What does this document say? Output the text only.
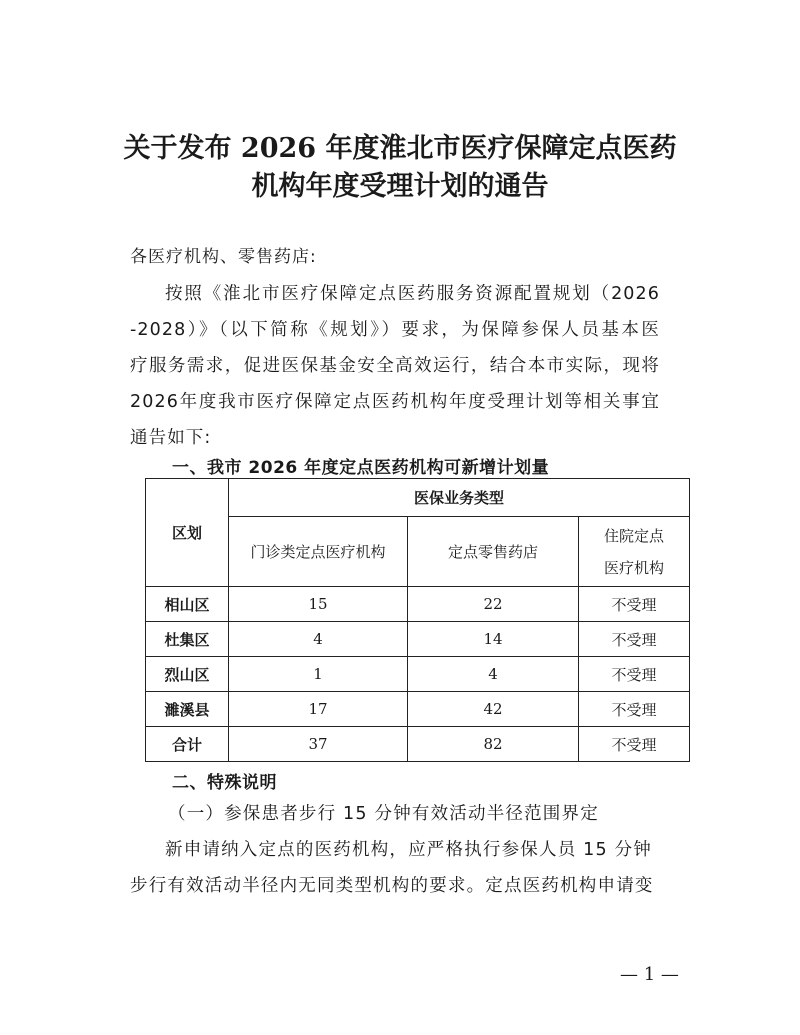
关于发布 2026 年度淮北市医疗保障定点医药
机构年度受理计划的通告
各医疗机构、零售药店:
按照《淮北市医疗保障定点医药服务资源配置规划（2026
-2028）》（以下简称《规划》）要求，为保障参保人员基本医
疗服务需求，促进医保基金安全高效运行，结合本市实际，现将
2026年度我市医疗保障定点医药机构年度受理计划等相关事宜
通告如下:
一、我市 2026 年度定点医药机构可新增计划量
区划	医保业务类型		
	门诊类定点医疗机构	定点零售药店	住院定点
医疗机构

相山区	15	22	不受理
杜集区	4	14	不受理
烈山区	1	4	不受理
濉溪县	17	42	不受理
合计	37	82	不受理
二、特殊说明
（一）参保患者步行 15 分钟有效活动半径范围界定
新申请纳入定点的医药机构，应严格执行参保人员 15 分钟
步行有效活动半径内无同类型机构的要求。定点医药机构申请变
— 1 —
